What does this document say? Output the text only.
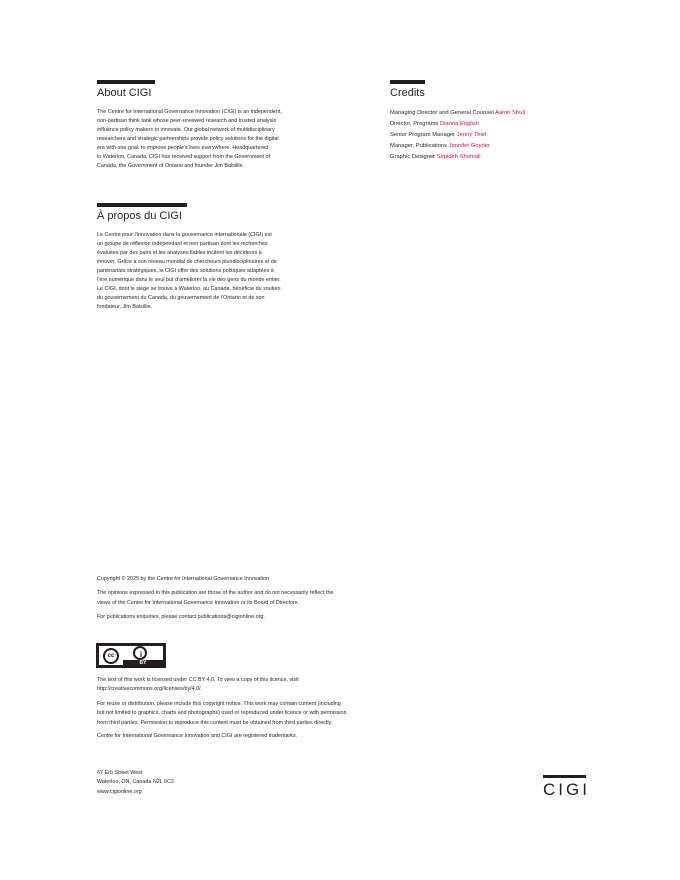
About CIGI
The Centre for International Governance Innovation (CIGI) is an independent,
non-partisan think tank whose peer-reviewed research and trusted analysis
influence policy makers to innovate. Our global network of multidisciplinary
researchers and strategic partnerships provide policy solutions for the digital
era with one goal: to improve people’s lives everywhere. Headquartered
in Waterloo, Canada, CIGI has received support from the Government of
Canada, the Government of Ontario and founder Jim Balsillie.
À propos du CIGI
Le Centre pour l’innovation dans la gouvernance internationale (CIGI) est
un groupe de réflexion indépendant et non partisan dont les recherches
évaluées par des pairs et les analyses fiables incitent les décideurs à
innover. Grâce à son réseau mondial de chercheurs pluridisciplinaires et de
partenariats stratégiques, le CIGI offre des solutions politiques adaptées à
l’ère numérique dans le seul but d’améliorer la vie des gens du monde entier.
Le CIGI, dont le siège se trouve à Waterloo, au Canada, bénéficie du soutien
du gouvernement du Canada, du gouvernement de l’Ontario et de son
fondateur, Jim Balsillie.
Credits
Managing Director and General Counsel Aaron Shull
Director, Programs Dianna English
Senior Program Manager Jenny Thiel
Manager, Publications Jennifer Goyder
Graphic Designer Sepideh Shomali

Copyright © 2025 by the Centre for International Governance Innovation

The opinions expressed in this publication are those of the author and do not necessarily reflect the views of the Centre for International Governance Innovation or its Board of Directors.

For publications enquiries, please contact publications@cigionline.org.

cc	i
BY

The text of this work is licensed under CC BY 4.0. To view a copy of this licence, visit http://creativecommons.org/licenses/by/4.0/.

For reuse or distribution, please include this copyright notice. This work may contain content (including but not limited to graphics, charts and photographs) used or reproduced under licence or with permission from third parties. Permission to reproduce this content must be obtained from third parties directly.

Centre for International Governance Innovation and CIGI are registered trademarks.

67 Erb Street West
Waterloo, ON, Canada N2L 6C2
www.cigionline.org	CIGI
